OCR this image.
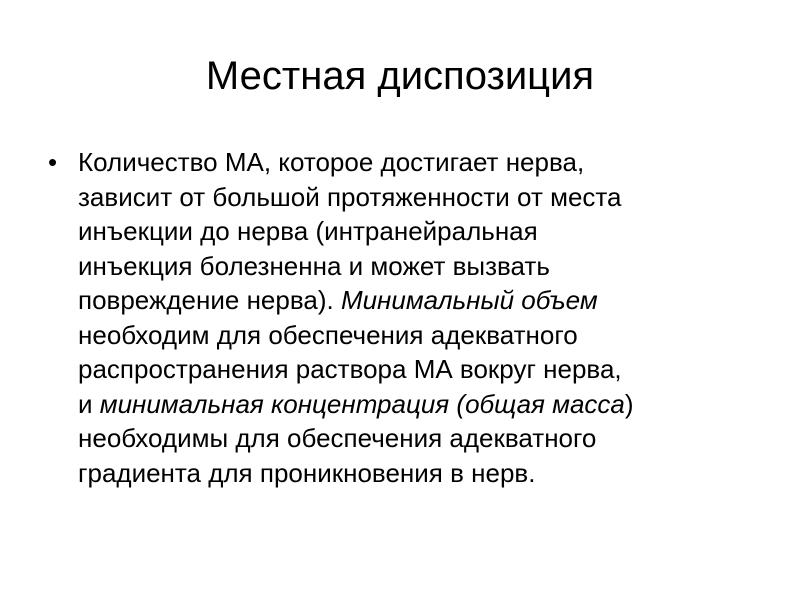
Местная диспозиция
• Количество МА, которое достигает нерва,
зависит от большой протяженности от места
инъекции до нерва (интранейральная
инъекция болезненна и может вызвать
повреждение нерва). Минимальный объем
необходим для обеспечения адекватного
распространения раствора МА вокруг нерва,
и минимальная концентрация (общая масса)
необходимы для обеспечения адекватного
градиента для проникновения в нерв.
